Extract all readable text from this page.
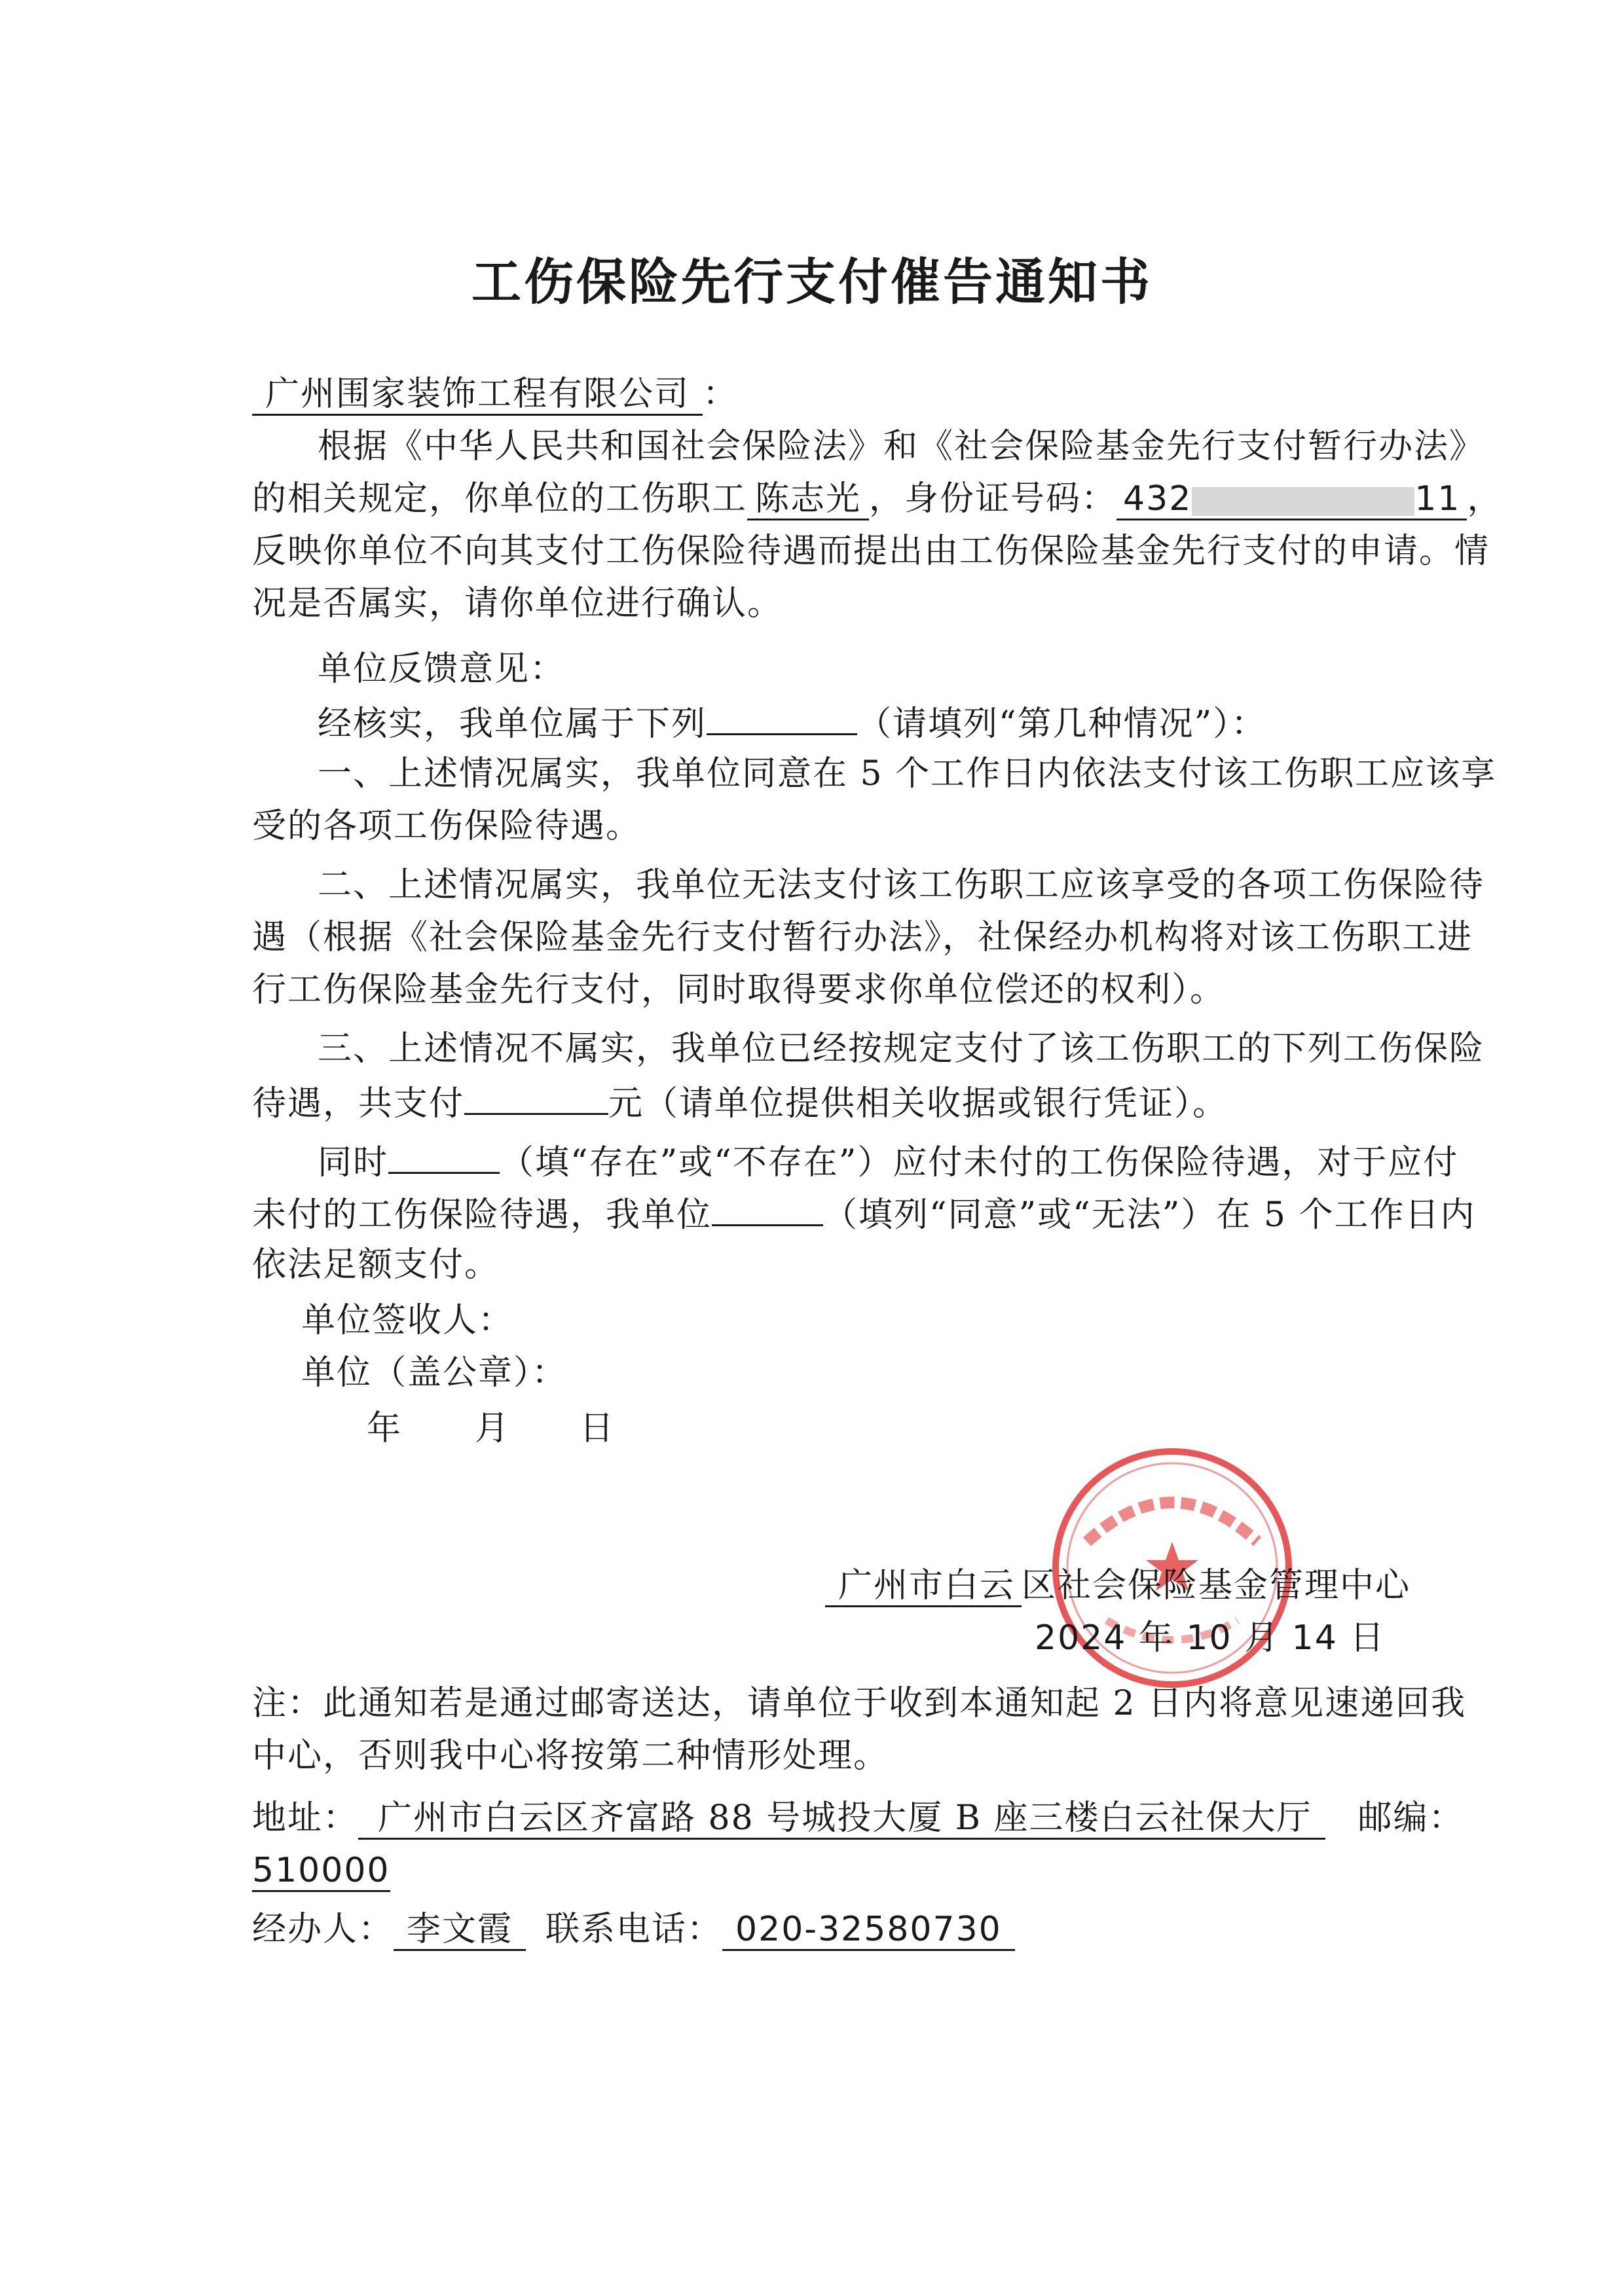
工伤保险先行支付催告通知书
广州围家装饰工程有限公司 ：
根据《中华人民共和国社会保险法》和《社会保险基金先行支付暂行办法》
的相关规定，你单位的工伤职工 陈志光 ，身份证号码： 432	11 ，
反映你单位不向其支付工伤保险待遇而提出由工伤保险基金先行支付的申请。情
况是否属实，请你单位进行确认。
单位反馈意见：
经核实，我单位属于下列	（请填列“第几种情况”）：
一、上述情况属实，我单位同意在 5 个工作日内依法支付该工伤职工应该享
受的各项工伤保险待遇。
二、上述情况属实，我单位无法支付该工伤职工应该享受的各项工伤保险待
遇（根据《社会保险基金先行支付暂行办法》，社保经办机构将对该工伤职工进
行工伤保险基金先行支付，同时取得要求你单位偿还的权利）。
三、上述情况不属实，我单位已经按规定支付了该工伤职工的下列工伤保险
待遇，共支付	元（请单位提供相关收据或银行凭证）。
同时	（填“存在”或“不存在”）应付未付的工伤保险待遇，对于应付
未付的工伤保险待遇，我单位	（填列“同意”或“无法”）在 5 个工作日内
依法足额支付。
单位签收人：
单位（盖公章）：
年 月 日
广州市白云 区社会保险基金管理中心
2024 年 10 月 14 日
注：此通知若是通过邮寄送达，请单位于收到本通知起 2 日内将意见速递回我
中心，否则我中心将按第二种情形处理。
地址： 广州市白云区齐富路 88 号城投大厦 B 座三楼白云社保大厅 邮编：
510000
经办人： 李文霞 联系电话： 020-32580730
